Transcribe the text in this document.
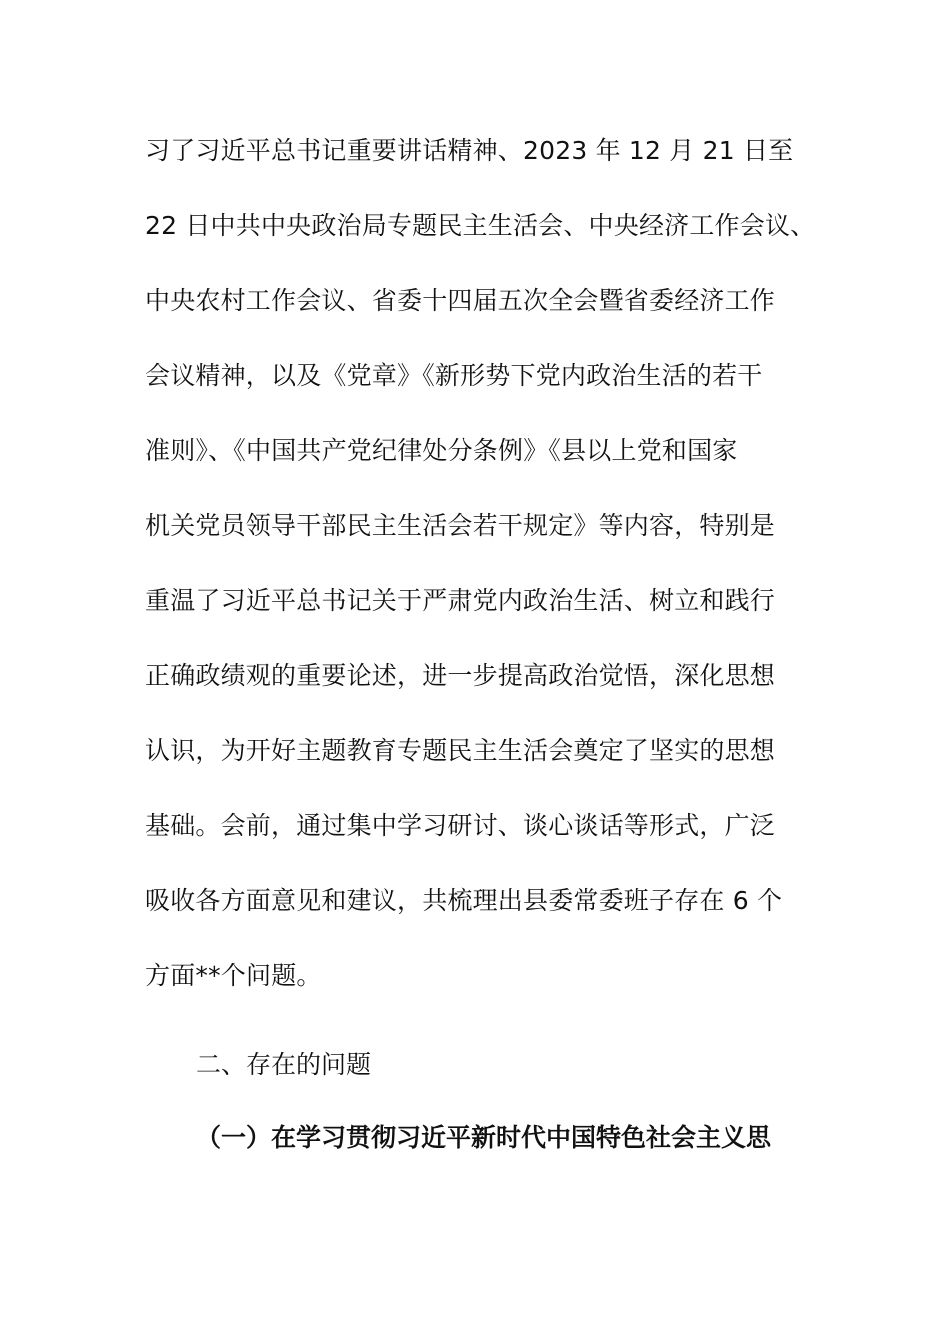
习了习近平总书记重要讲话精神、2023 年 12 月 21 日至
22 日中共中央政治局专题民主生活会、中央经济工作会议、
中央农村工作会议、省委十四届五次全会暨省委经济工作
会议精神，以及《党章》《新形势下党内政治生活的若干
准则》、《中国共产党纪律处分条例》《县以上党和国家
机关党员领导干部民主生活会若干规定》等内容，特别是
重温了习近平总书记关于严肃党内政治生活、树立和践行
正确政绩观的重要论述，进一步提高政治觉悟，深化思想
认识，为开好主题教育专题民主生活会奠定了坚实的思想
基础。会前，通过集中学习研讨、谈心谈话等形式，广泛
吸收各方面意见和建议，共梳理出县委常委班子存在 6 个
方面**个问题。
二、存在的问题
（一）在学习贯彻习近平新时代中国特色社会主义思
